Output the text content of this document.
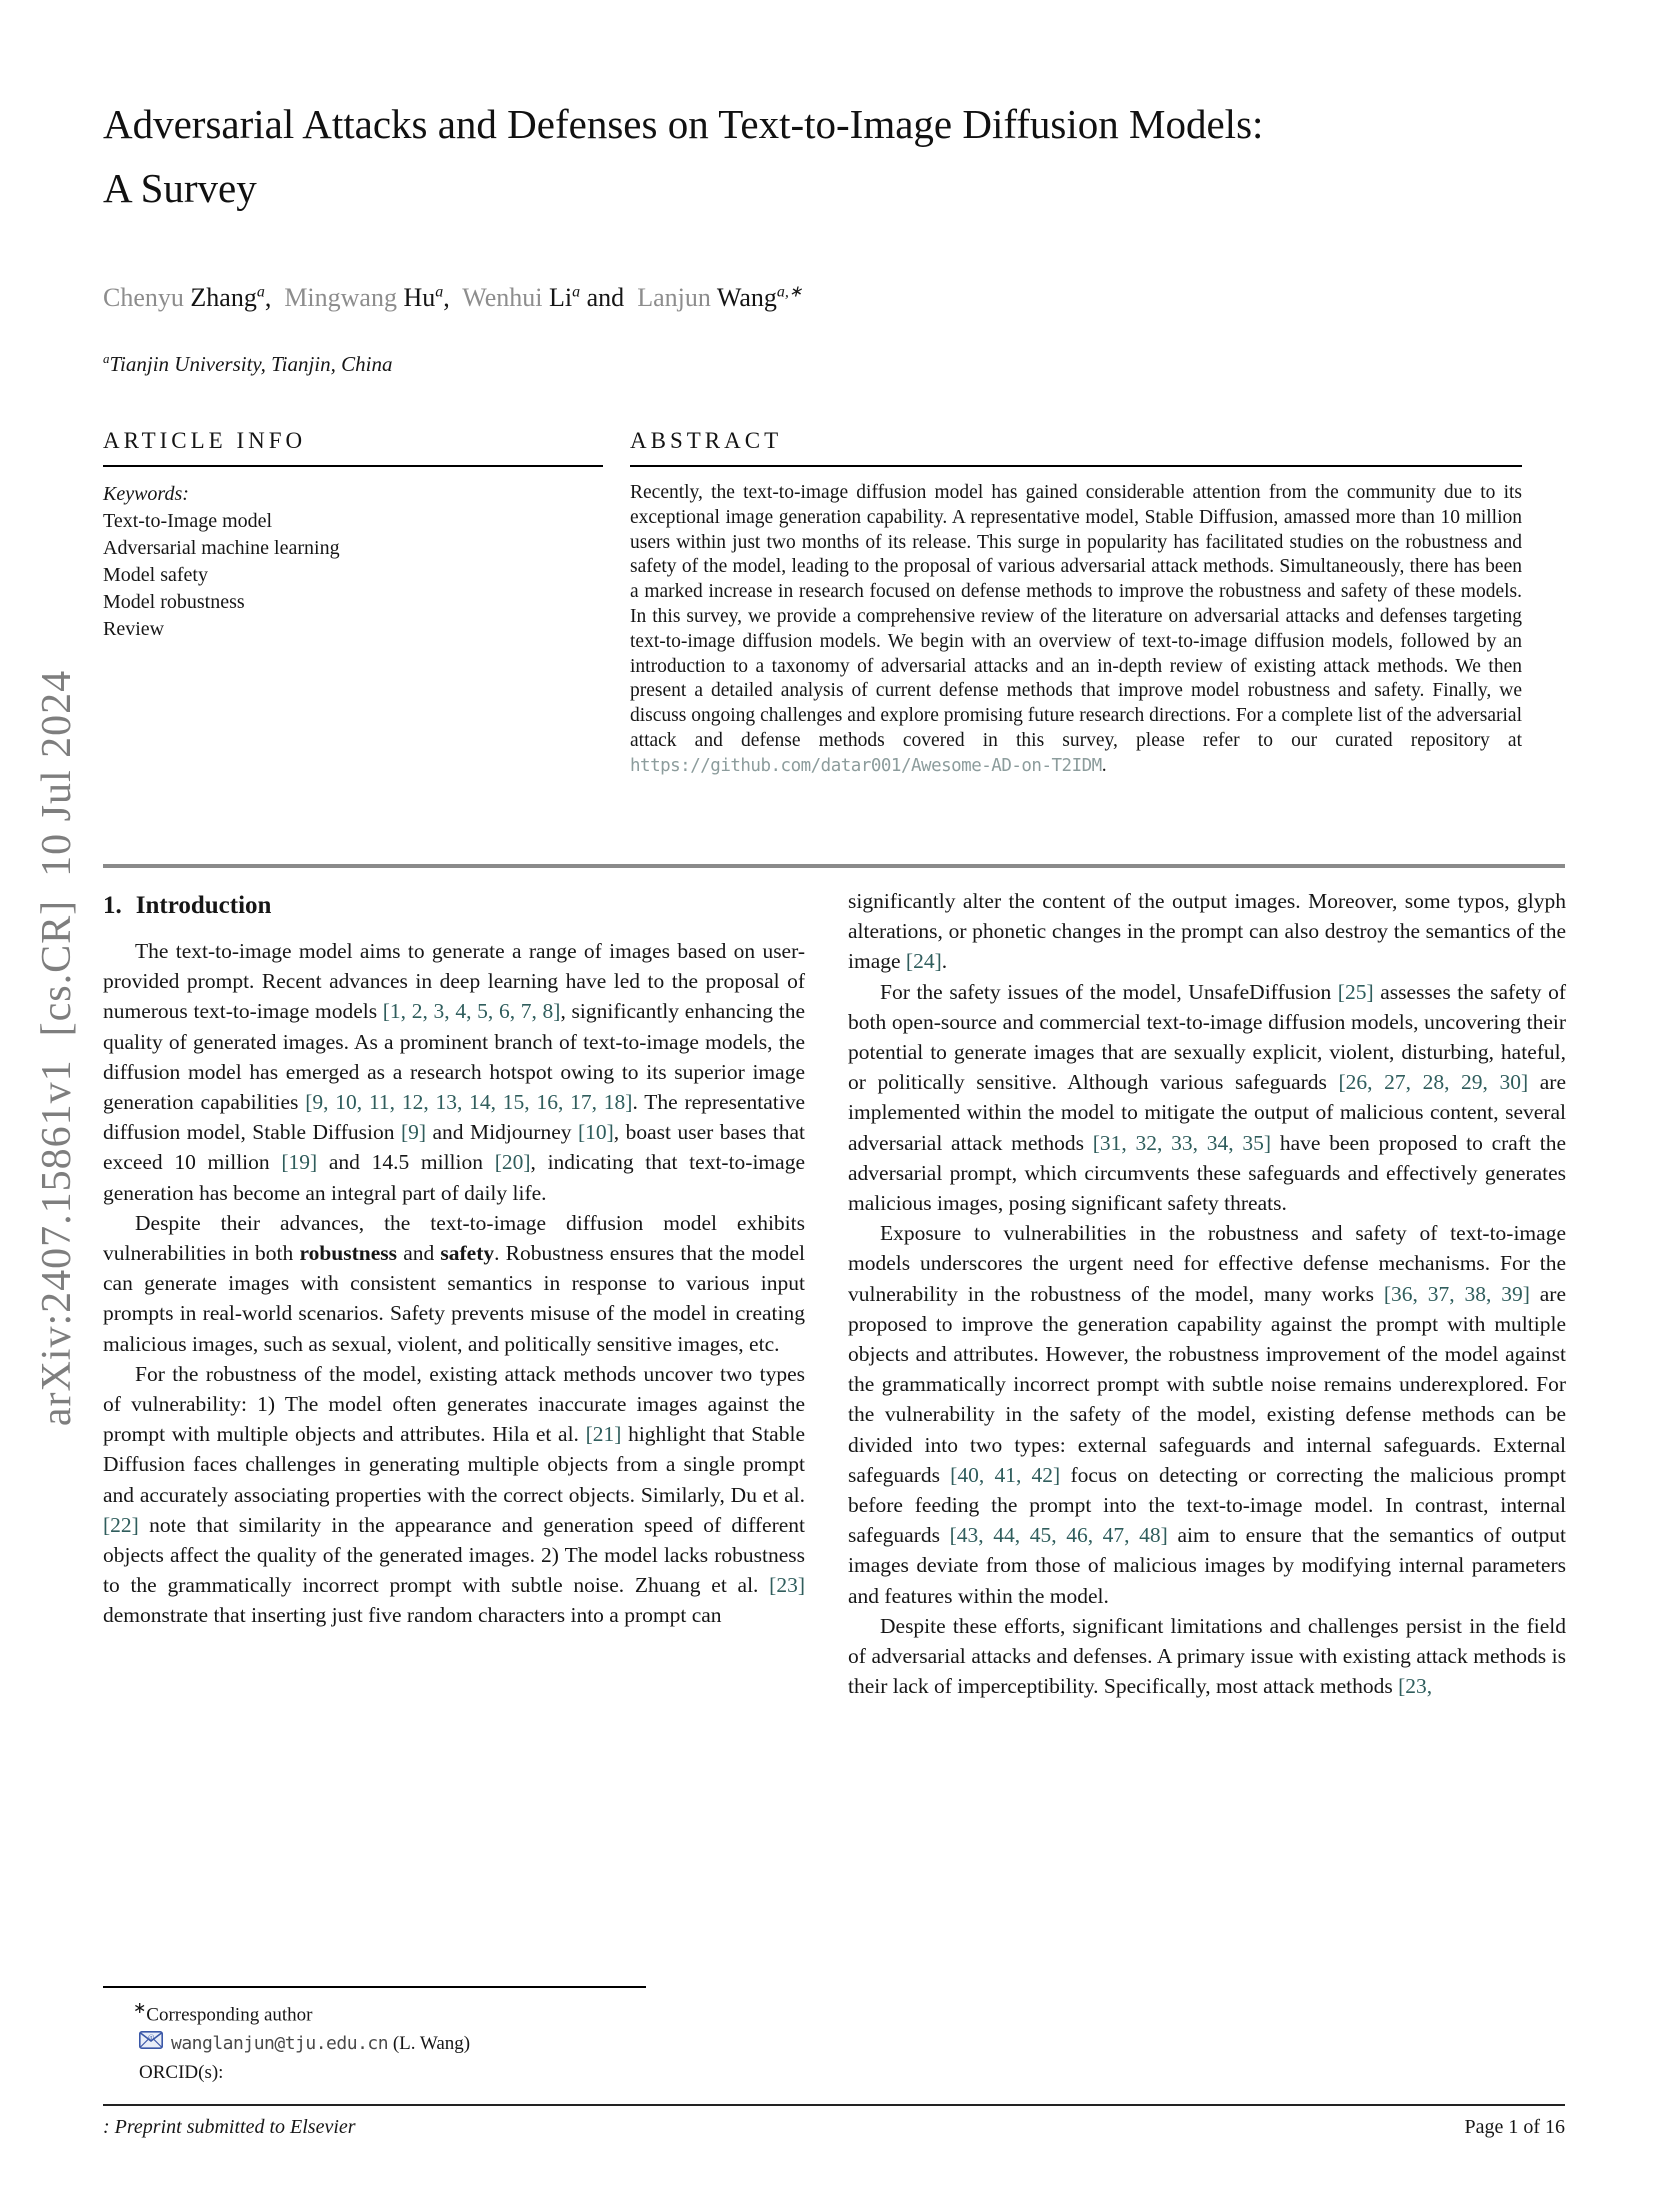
arXiv:2407.15861v1  [cs.CR]  10 Jul 2024
Adversarial Attacks and Defenses on Text-to-Image Diffusion Models:
A Survey
Chenyu Zhang$^a$,  Mingwang Hu$^a$,  Wenhui Li$^a$ and  Lanjun Wang$^{a,∗}$
$^a$Tianjin University, Tianjin, China
ARTICLE INFO
Keywords:
Text-to-Image model
Adversarial machine learning
Model safety
Model robustness
Review
ABSTRACT
Recently, the text-to-image diffusion model has gained considerable attention from the community due to its exceptional image generation capability. A representative model, Stable Diffusion, amassed more than 10 million users within just two months of its release. This surge in popularity has facilitated studies on the robustness and safety of the model, leading to the proposal of various adversarial attack methods. Simultaneously, there has been a marked increase in research focused on defense methods to improve the robustness and safety of these models. In this survey, we provide a comprehensive review of the literature on adversarial attacks and defenses targeting text-to-image diffusion models. We begin with an overview of text-to-image diffusion models, followed by an introduction to a taxonomy of adversarial attacks and an in-depth review of existing attack methods. We then present a detailed analysis of current defense methods that improve model robustness and safety. Finally, we discuss ongoing challenges and explore promising future research directions. For a complete list of the adversarial attack and defense methods covered in this survey, please refer to our curated repository at https://github.com/datar001/Awesome-AD-on-T2IDM.
1. Introduction

The text-to-image model aims to generate a range of images based on user-provided prompt. Recent advances in deep learning have led to the proposal of numerous text-to-image models [1, 2, 3, 4, 5, 6, 7, 8], significantly enhancing the quality of generated images. As a prominent branch of text-to-image models, the diffusion model has emerged as a research hotspot owing to its superior image generation capabilities [9, 10, 11, 12, 13, 14, 15, 16, 17, 18]. The representative diffusion model, Stable Diffusion [9] and Midjourney [10], boast user bases that exceed 10 million [19] and 14.5 million [20], indicating that text-to-image generation has become an integral part of daily life.

Despite their advances, the text-to-image diffusion model exhibits vulnerabilities in both robustness and safety. Robustness ensures that the model can generate images with consistent semantics in response to various input prompts in real-world scenarios. Safety prevents misuse of the model in creating malicious images, such as sexual, violent, and politically sensitive images, etc.

For the robustness of the model, existing attack methods uncover two types of vulnerability: 1) The model often generates inaccurate images against the prompt with multiple objects and attributes. Hila et al. [21] highlight that Stable Diffusion faces challenges in generating multiple objects from a single prompt and accurately associating properties with the correct objects. Similarly, Du et al. [22] note that similarity in the appearance and generation speed of different objects affect the quality of the generated images. 2) The model lacks robustness to the grammatically incorrect prompt with subtle noise. Zhuang et al. [23] demonstrate that inserting just five random characters into a prompt can

significantly alter the content of the output images. Moreover, some typos, glyph alterations, or phonetic changes in the prompt can also destroy the semantics of the image [24].

For the safety issues of the model, UnsafeDiffusion [25] assesses the safety of both open-source and commercial text-to-image diffusion models, uncovering their potential to generate images that are sexually explicit, violent, disturbing, hateful, or politically sensitive. Although various safeguards [26, 27, 28, 29, 30] are implemented within the model to mitigate the output of malicious content, several adversarial attack methods [31, 32, 33, 34, 35] have been proposed to craft the adversarial prompt, which circumvents these safeguards and effectively generates malicious images, posing significant safety threats.

Exposure to vulnerabilities in the robustness and safety of text-to-image models underscores the urgent need for effective defense mechanisms. For the vulnerability in the robustness of the model, many works [36, 37, 38, 39] are proposed to improve the generation capability against the prompt with multiple objects and attributes. However, the robustness improvement of the model against the grammatically incorrect prompt with subtle noise remains underexplored. For the vulnerability in the safety of the model, existing defense methods can be divided into two types: external safeguards and internal safeguards. External safeguards [40, 41, 42] focus on detecting or correcting the malicious prompt before feeding the prompt into the text-to-image model. In contrast, internal safeguards [43, 44, 45, 46, 47, 48] aim to ensure that the semantics of output images deviate from those of malicious images by modifying internal parameters and features within the model.

Despite these efforts, significant limitations and challenges persist in the field of adversarial attacks and defenses. A primary issue with existing attack methods is their lack of imperceptibility. Specifically, most attack methods [23,

∗Corresponding author
@ wanglanjun@tju.edu.cn (L. Wang)
ORCID(s):
: Preprint submitted to Elsevier	Page 1 of 16
